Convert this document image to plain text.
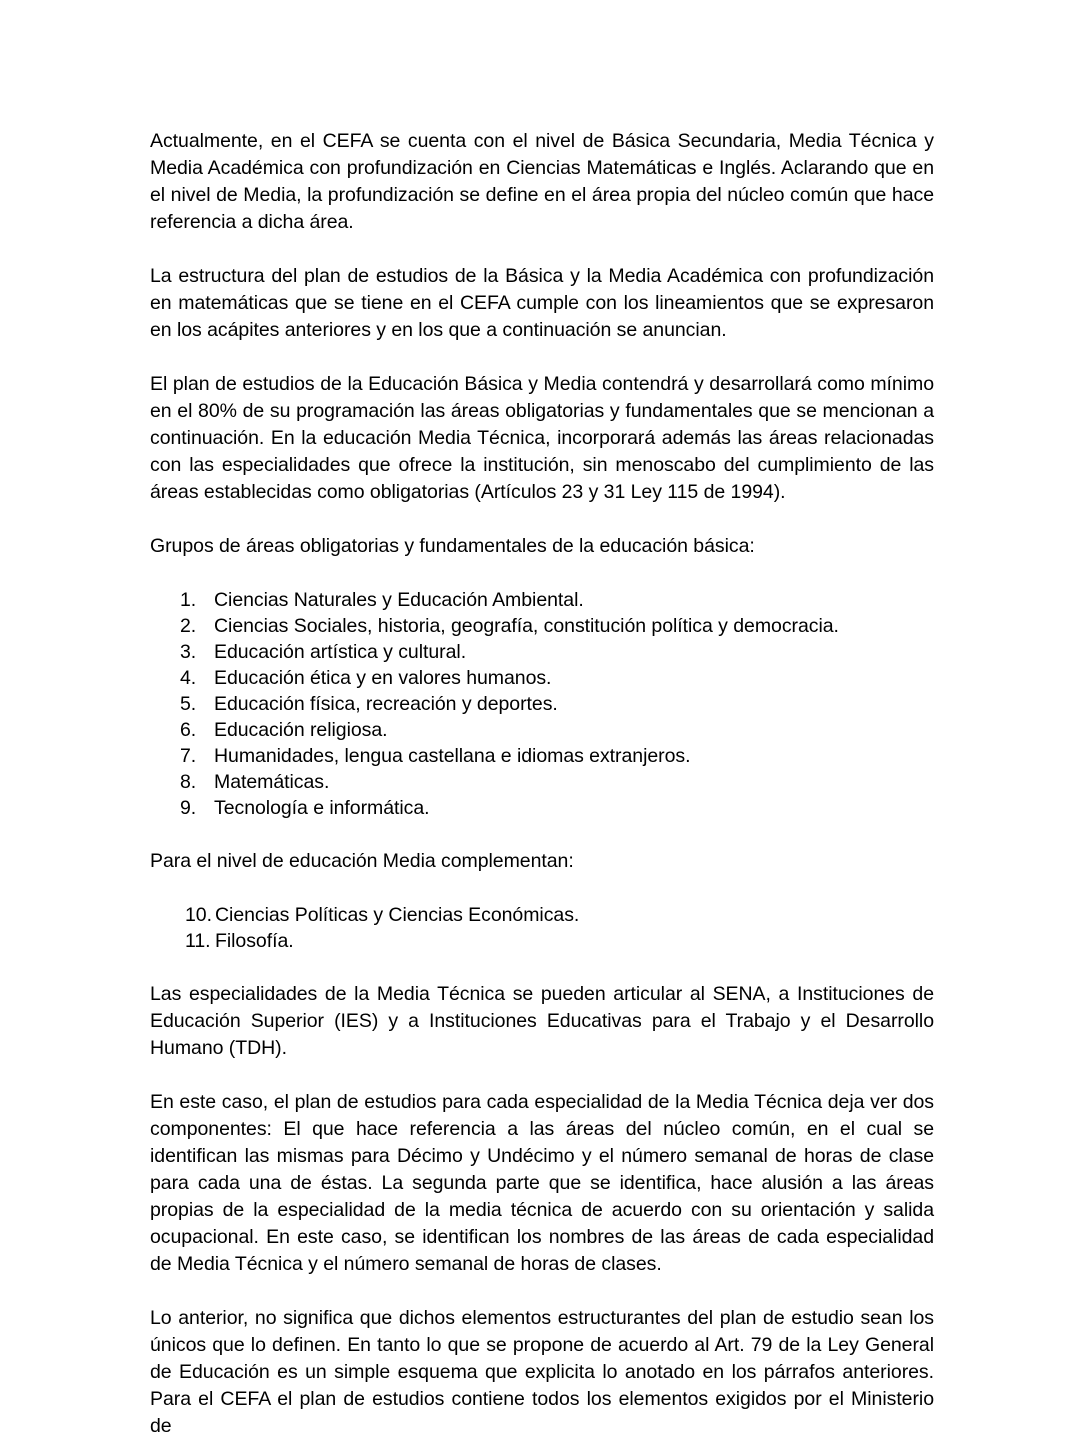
Actualmente, en el CEFA se cuenta con el nivel de Básica Secundaria, Media Técnica y Media Académica con profundización en Ciencias Matemáticas e Inglés. Aclarando que en el nivel de Media, la profundización se define en el área propia del núcleo común que hace referencia a dicha área.

La estructura del plan de estudios de la Básica y la Media Académica con profundización en matemáticas que se tiene en el CEFA cumple con los lineamientos que se expresaron en los acápites anteriores y en los que a continuación se anuncian.

El plan de estudios de la Educación Básica y Media contendrá y desarrollará como mínimo en el 80% de su programación las áreas obligatorias y fundamentales que se mencionan a continuación. En la educación Media Técnica, incorporará además las áreas relacionadas con las especialidades que ofrece la institución, sin menoscabo del cumplimiento de las áreas establecidas como obligatorias (Artículos 23 y 31 Ley 115 de 1994).

Grupos de áreas obligatorias y fundamentales de la educación básica:

1. Ciencias Naturales y Educación Ambiental.
2. Ciencias Sociales, historia, geografía, constitución política y democracia.
3. Educación artística y cultural.
4. Educación ética y en valores humanos.
5. Educación física, recreación y deportes.
6. Educación religiosa.
7. Humanidades, lengua castellana e idiomas extranjeros.
8. Matemáticas.
9. Tecnología e informática.

Para el nivel de educación Media complementan:

10. Ciencias Políticas y Ciencias Económicas.
11. Filosofía.

Las especialidades de la Media Técnica se pueden articular al SENA, a Instituciones de Educación Superior (IES) y a Instituciones Educativas para el Trabajo y el Desarrollo Humano (TDH).

En este caso, el plan de estudios para cada especialidad de la Media Técnica deja ver dos componentes: El que hace referencia a las áreas del núcleo común, en el cual se identifican las mismas para Décimo y Undécimo y el número semanal de horas de clase para cada una de éstas. La segunda parte que se identifica, hace alusión a las áreas propias de la especialidad de la media técnica de acuerdo con su orientación y salida ocupacional. En este caso, se identifican los nombres de las áreas de cada especialidad de Media Técnica y el número semanal de horas de clases.

Lo anterior, no significa que dichos elementos estructurantes del plan de estudio sean los únicos que lo definen. En tanto lo que se propone de acuerdo al Art. 79 de la Ley General de Educación es un simple esquema que explicita lo anotado en los párrafos anteriores. Para el CEFA el plan de estudios contiene todos los elementos exigidos por el Ministerio de
